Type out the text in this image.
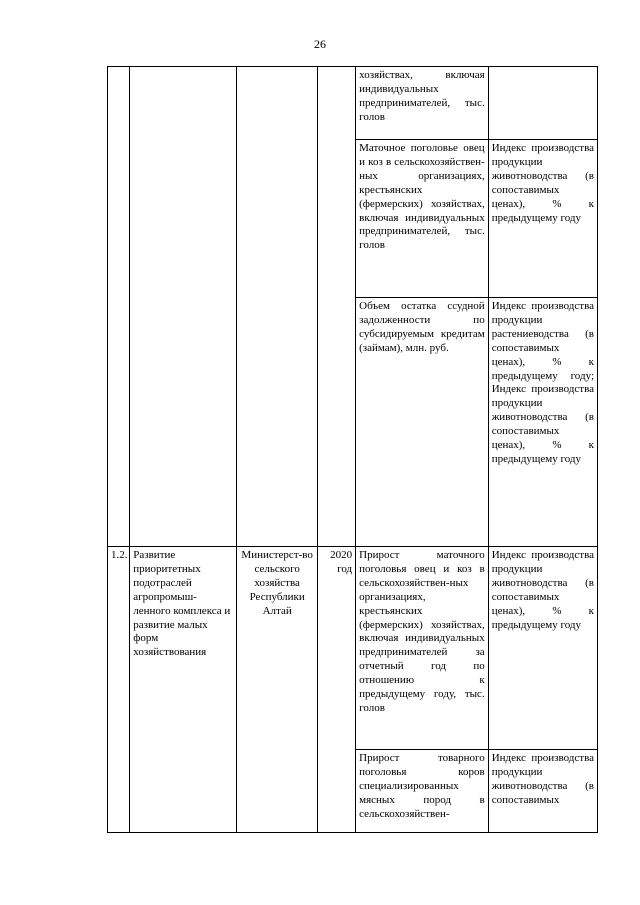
26
				хозяйствах, включая индивидуальных предпринимателей, тыс. голов	
				Маточное поголовье овец и коз в сельскохозяйствен-ных организациях, крестьянских (фермерских) хозяйствах, включая индивидуальных предпринимателей, тыс. голов	Индекс производства продукции животноводства (в сопоставимых ценах), % к предыдущему году
				Объем остатка ссудной задолженности по субсидируемым кредитам (займам), млн. руб.	Индекс производства продукции растениеводства (в сопоставимых ценах), % к предыдущему году; Индекс производства продукции животноводства (в сопоставимых ценах), % к предыдущему году
1.2.	Развитие приоритетных подотраслей агропромыш-ленного комплекса и развитие малых форм хозяйствования	Министерст-во сельского хозяйства Республики Алтай	2020 год	Прирост маточного поголовья овец и коз в сельскохозяйствен-ных организациях, крестьянских (фермерских) хозяйствах, включая индивидуальных предпринимателей за отчетный год по отношению к предыдущему году, тыс. голов	Индекс производства продукции животноводства (в сопоставимых ценах), % к предыдущему году
				Прирост товарного поголовья коров специализированных мясных пород в сельскохозяйствен-	Индекс производства продукции животноводства (в сопоставимых
